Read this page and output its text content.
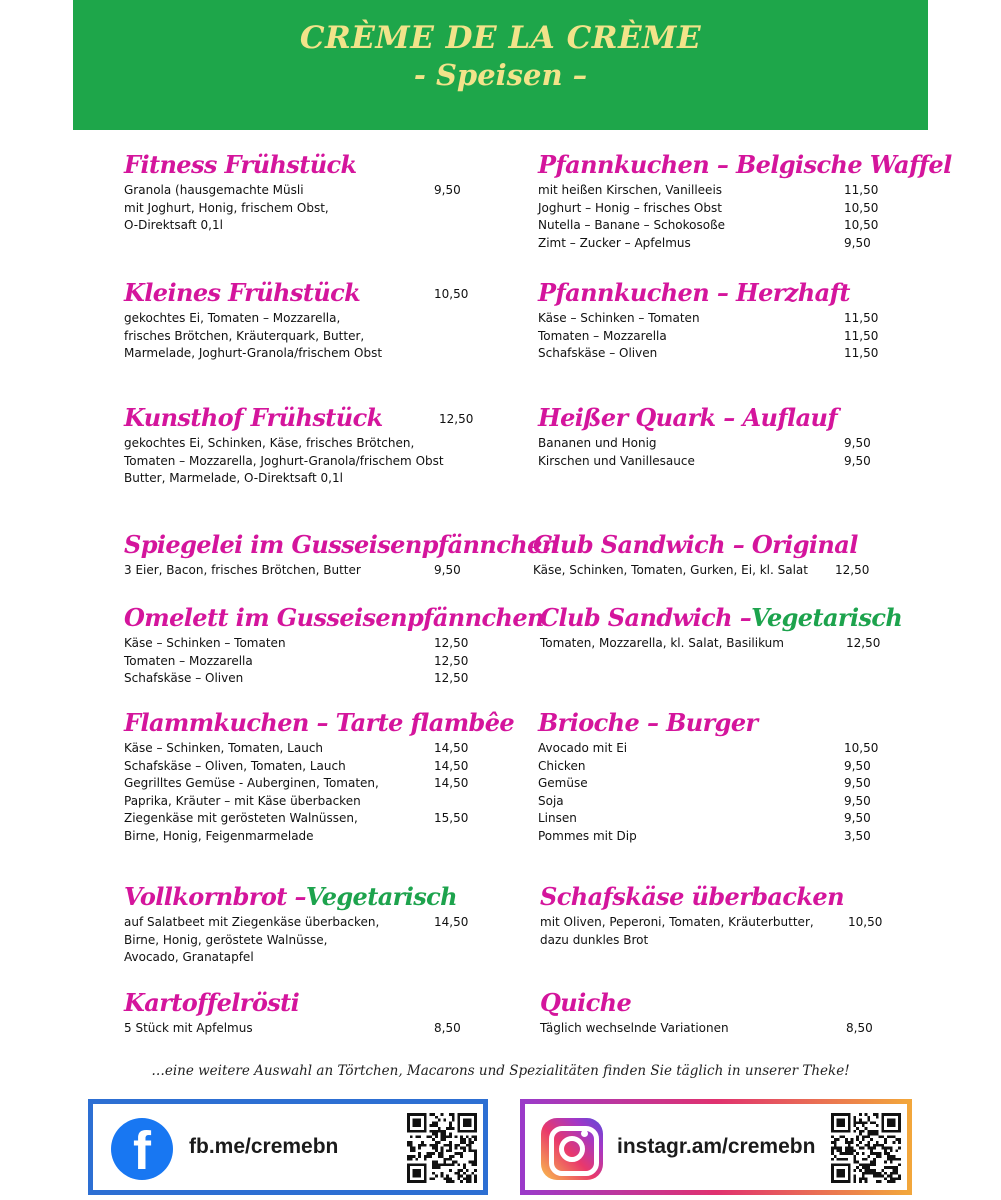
CRÈME DE LA CRÈME
- Speisen –
Fitness Frühstück
Granola (hausgemachte Müsli	9,50
mit Joghurt, Honig, frischem Obst,
O-Direktsaft 0,1l
Kleines Frühstück	10,50
gekochtes Ei, Tomaten – Mozzarella,
frisches Brötchen, Kräuterquark, Butter,
Marmelade, Joghurt-Granola/frischem Obst
Kunsthof Frühstück	12,50
gekochtes Ei, Schinken, Käse, frisches Brötchen,
Tomaten – Mozzarella, Joghurt-Granola/frischem Obst
Butter, Marmelade, O-Direktsaft 0,1l
Spiegelei im Gusseisenpfännchen
3 Eier, Bacon, frisches Brötchen, Butter	9,50
Omelett im Gusseisenpfännchen
Käse – Schinken – Tomaten	12,50
Tomaten – Mozzarella	12,50
Schafskäse – Oliven	12,50
Flammkuchen – Tarte flambêe
Käse – Schinken, Tomaten, Lauch	14,50
Schafskäse – Oliven, Tomaten, Lauch	14,50
Gegrilltes Gemüse - Auberginen, Tomaten,	14,50
Paprika, Kräuter – mit Käse überbacken
Ziegenkäse mit gerösteten Walnüssen,	15,50
Birne, Honig, Feigenmarmelade
Vollkornbrot –Vegetarisch
auf Salatbeet mit Ziegenkäse überbacken,	14,50
Birne, Honig, geröstete Walnüsse,
Avocado, Granatapfel
Kartoffelrösti
5 Stück mit Apfelmus	8,50
Pfannkuchen – Belgische Waffel
mit heißen Kirschen, Vanilleeis	11,50
Joghurt – Honig – frisches Obst	10,50
Nutella – Banane – Schokosoße	10,50
Zimt – Zucker – Apfelmus	9,50
Pfannkuchen – Herzhaft
Käse – Schinken – Tomaten	11,50
Tomaten – Mozzarella	11,50
Schafskäse – Oliven	11,50
Heißer Quark – Auflauf
Bananen und Honig	9,50
Kirschen und Vanillesauce	9,50
Club Sandwich – Original
Käse, Schinken, Tomaten, Gurken, Ei, kl. Salat 12,50
Club Sandwich –Vegetarisch
Tomaten, Mozzarella, kl. Salat, Basilikum	12,50
Brioche – Burger
Avocado mit Ei	10,50
Chicken	9,50
Gemüse	9,50
Soja	9,50
Linsen	9,50
Pommes mit Dip	3,50
Schafskäse überbacken
mit Oliven, Peperoni, Tomaten, Kräuterbutter,	10,50
dazu dunkles Brot
Quiche
Täglich wechselnde Variationen	8,50
…eine weitere Auswahl an Törtchen, Macarons und Spezialitäten finden Sie täglich in unserer Theke!
f fb.me/cremebn	instagr.am/cremebn
